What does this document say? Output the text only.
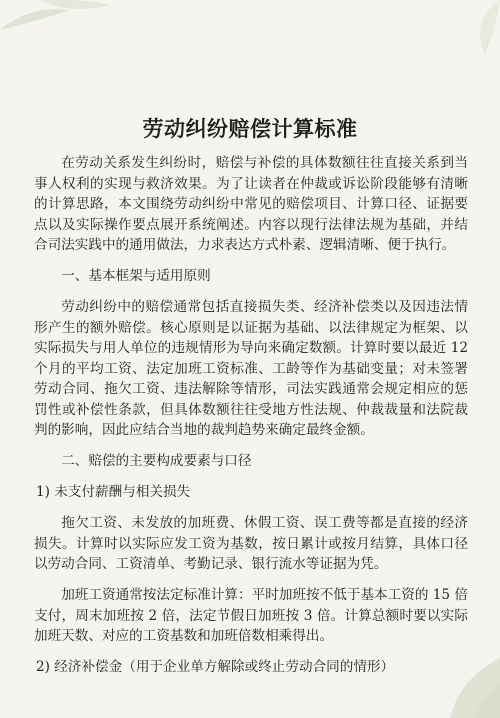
劳动纠纷赔偿计算标准

在劳动关系发生纠纷时，赔偿与补偿的具体数额往往直接关系到当事人权利的实现与救济效果。为了让读者在仲裁或诉讼阶段能够有清晰的计算思路，本文围绕劳动纠纷中常见的赔偿项目、计算口径、证据要点以及实际操作要点展开系统阐述。内容以现行法律法规为基础，并结合司法实践中的通用做法，力求表达方式朴素、逻辑清晰、便于执行。

一、基本框架与适用原则

劳动纠纷中的赔偿通常包括直接损失类、经济补偿类以及因违法情形产生的额外赔偿。核心原则是以证据为基础、以法律规定为框架、以实际损失与用人单位的违规情形为导向来确定数额。计算时要以最近 12 个月的平均工资、法定加班工资标准、工龄等作为基础变量；对未签署劳动合同、拖欠工资、违法解除等情形，司法实践通常会规定相应的惩罚性或补偿性条款，但具体数额往往受地方性法规、仲裁裁量和法院裁判的影响，因此应结合当地的裁判趋势来确定最终金额。

二、赔偿的主要构成要素与口径

1) 未支付薪酬与相关损失

拖欠工资、未发放的加班费、休假工资、误工费等都是直接的经济损失。计算时以实际应发工资为基数，按日累计或按月结算，具体口径以劳动合同、工资清单、考勤记录、银行流水等证据为凭。

加班工资通常按法定标准计算：平时加班按不低于基本工资的 15 倍支付，周末加班按 2 倍，法定节假日加班按 3 倍。计算总额时要以实际加班天数、对应的工资基数和加班倍数相乘得出。

2) 经济补偿金（用于企业单方解除或终止劳动合同的情形）
